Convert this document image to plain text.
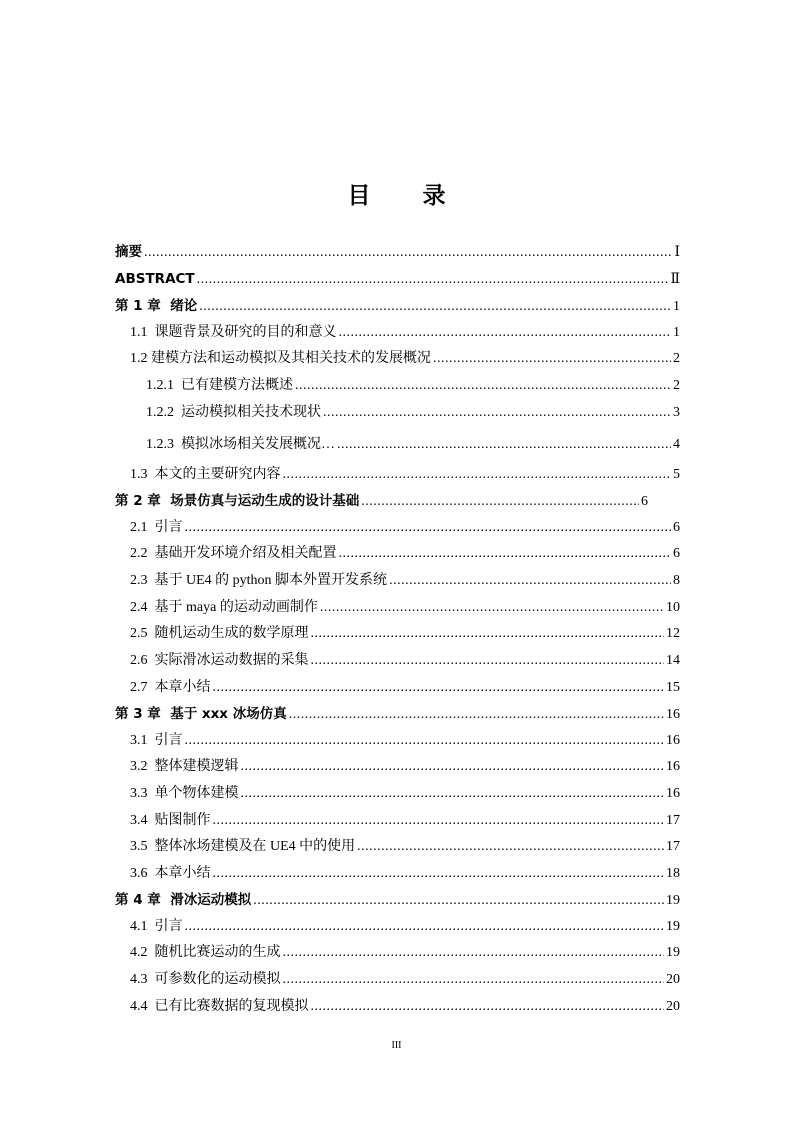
目 录
摘要 .....	Ⅰ
ABSTRACT .....	Ⅱ
第 1 章  绪论 .....	1
1.1  课题背景及研究的目的和意义 .....	1
1.2 建模方法和运动模拟及其相关技术的发展概况 .....	2
1.2.1  已有建模方法概述 .....	2
1.2.2  运动模拟相关技术现状 .....	3
1.2.3  模拟冰场相关发展概况… .....	4
1.3  本文的主要研究内容 .....	5
第 2 章  场景仿真与运动生成的设计基础 .....	6
2.1  引言 .....	6
2.2  基础开发环境介绍及相关配置 .....	6
2.3  基于 UE4 的 python 脚本外置开发系统 .....	8
2.4  基于 maya 的运动动画制作 .....	10
2.5  随机运动生成的数学原理 .....	12
2.6  实际滑冰运动数据的采集 .....	14
2.7  本章小结 .....	15
第 3 章  基于 xxx 冰场仿真 .....	16
3.1  引言 .....	16
3.2  整体建模逻辑 .....	16
3.3  单个物体建模 .....	16
3.4  贴图制作 .....	17
3.5  整体冰场建模及在 UE4 中的使用 .....	17
3.6  本章小结 .....	18
第 4 章  滑冰运动模拟 .....	19
4.1  引言 .....	19
4.2  随机比赛运动的生成 .....	19
4.3  可参数化的运动模拟 .....	20
4.4  已有比赛数据的复现模拟 .....	20
III
